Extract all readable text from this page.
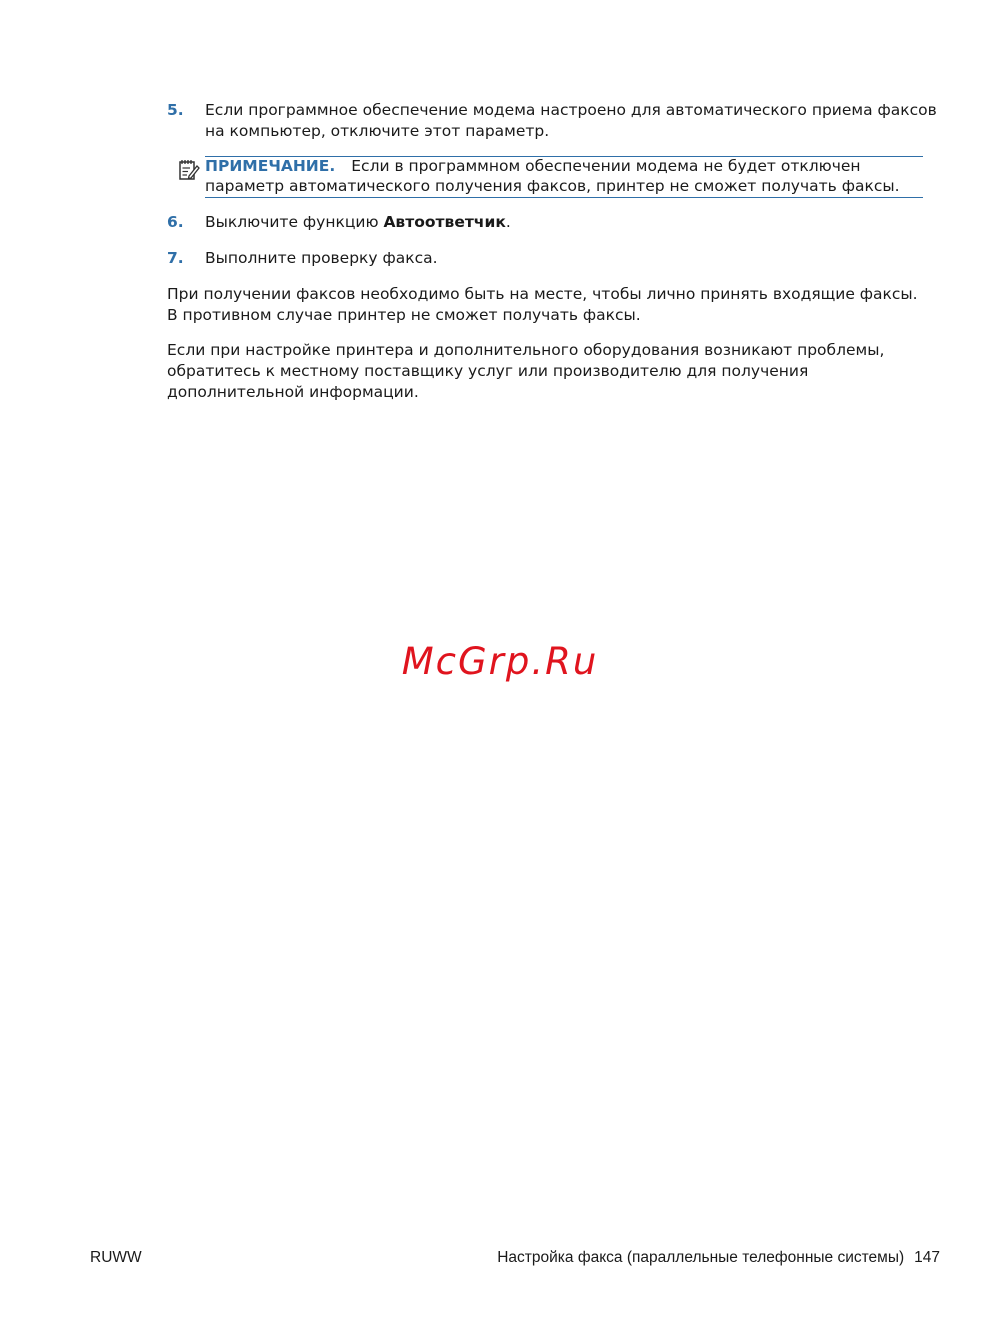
5. Если программное обеспечение модема настроено для автоматического приема факсов на компьютер, отключите этот параметр.
ПРИМЕЧАНИЕ. Если в программном обеспечении модема не будет отключен параметр автоматического получения факсов, принтер не сможет получать факсы.
6. Выключите функцию Автоответчик.
7. Выполните проверку факса.
При получении факсов необходимо быть на месте, чтобы лично принять входящие факсы. В противном случае принтер не сможет получать факсы.
Если при настройке принтера и дополнительного оборудования возникают проблемы, обратитесь к местному поставщику услуг или производителю для получения дополнительной информации.
McGrp.Ru
RUWW	Настройка факса (параллельные телефонные системы) 147
